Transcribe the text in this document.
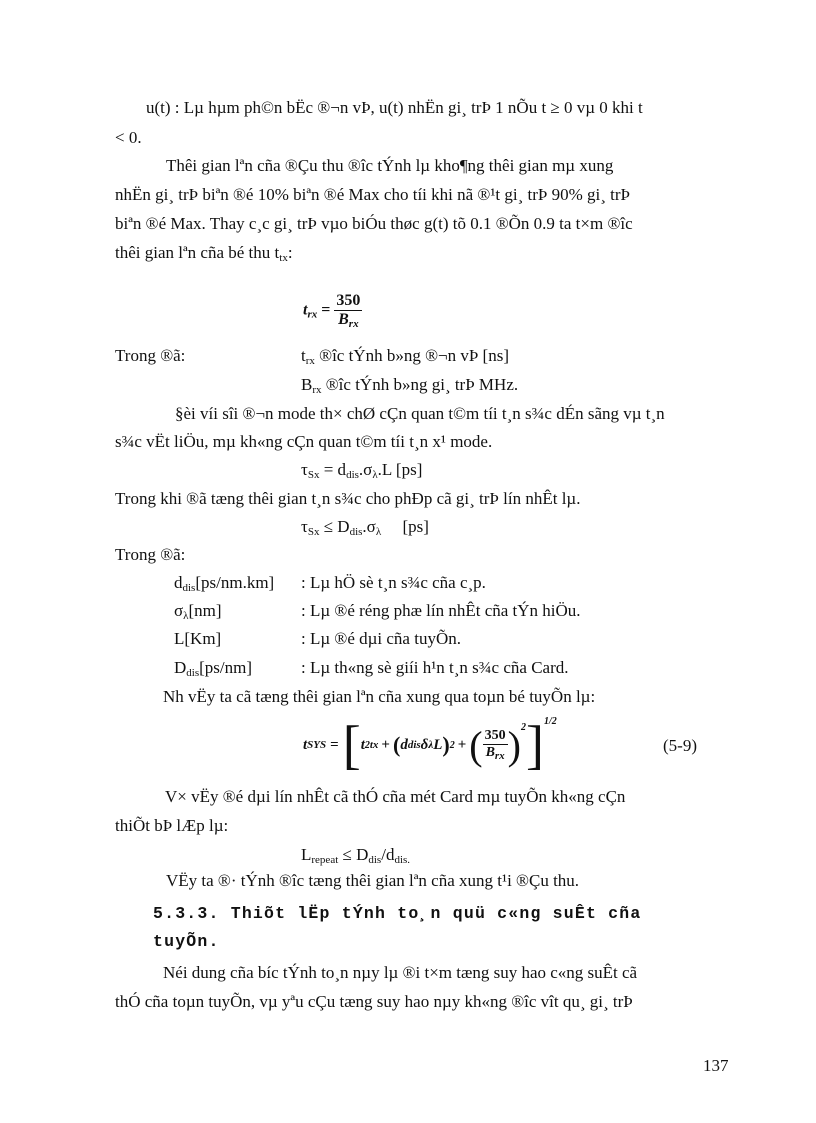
u(t) : Lµ hµm ph©n bËc ®¬n vÞ, u(t) nhËn gi¸ trÞ 1 nÕu t ≥ 0 vµ 0 khi t
< 0.
Thêi gian lªn cña ®Çu thu ®îc tÝnh lµ kho¶ng thêi gian mµ xung
nhËn gi¸ trÞ biªn ®é 10% biªn ®é Max cho tíi khi nã ®¹t gi¸ trÞ 90% gi¸ trÞ
biªn ®é Max. Thay c¸c gi¸ trÞ vµo biÓu thøc g(t) tõ 0.1 ®Õn 0.9 ta t×m ®îc
thêi gian lªn cña bé thu $t_{tx}$:
$t_{rx} = \frac{350}{B_{rx}}$
Trong ®ã:	$t_{rx}$ ®îc tÝnh b»ng ®¬n vÞ [ns]
$B_{rx}$ ®îc tÝnh b»ng gi¸ trÞ MHz.
§èi víi sîi ®¬n mode th× chØ cÇn quan t©m tíi t¸n s¾c dÉn sãng vµ t¸n
s¾c vËt liÖu, mµ kh«ng cÇn quan t©m tíi t¸n x¹ mode.
$\tau_{Sx} = d_{dis}.\sigma_\lambda.L$ [ps]
Trong khi ®ã tæng thêi gian t¸n s¾c cho phÐp cã gi¸ trÞ lín nhÊt lµ.
$\tau_{Sx} \le D_{dis}.\sigma_\lambda$     [ps]
Trong ®ã:
$d_{dis}[ps/nm.km]$ : Lµ hÖ sè t¸n s¾c cña c¸p.
$\sigma_\lambda[nm]$	: Lµ ®é réng phæ lín nhÊt cña tÝn hiÖu.
L[Km]	: Lµ ®é dµi cña tuyÕn.
$D_{dis}[ps/nm]$	: Lµ th«ng sè giíi h¹n t¸n s¾c cña Card.
Nh vËy ta cã tæng thêi gian lªn cña xung qua toµn bé tuyÕn lµ:
t SYS = [ t 2 tx + ( d dis δ λ L ) 2 + ( $\frac{350}{B_{rx}} )^2$ ]$^{1/2}$
(5-9)
V× vËy ®é dµi lín nhÊt cã thÓ cña mét Card mµ tuyÕn kh«ng cÇn
thiÕt bÞ lÆp lµ:
$L_{repeat} \le D_{dis}/d_{dis.}$
VËy ta ®· tÝnh ®îc tæng thêi gian lªn cña xung t¹i ®Çu thu.
5.3.3. Thiõt lËp tÝnh to¸n quü c«ng suÊt cña
tuyÕn.
Néi dung cña bíc tÝnh to¸n nµy lµ ®i t×m tæng suy hao c«ng suÊt cã
thÓ cña toµn tuyÕn, vµ yªu cÇu tæng suy hao nµy kh«ng ®îc vît qu¸ gi¸ trÞ
137
